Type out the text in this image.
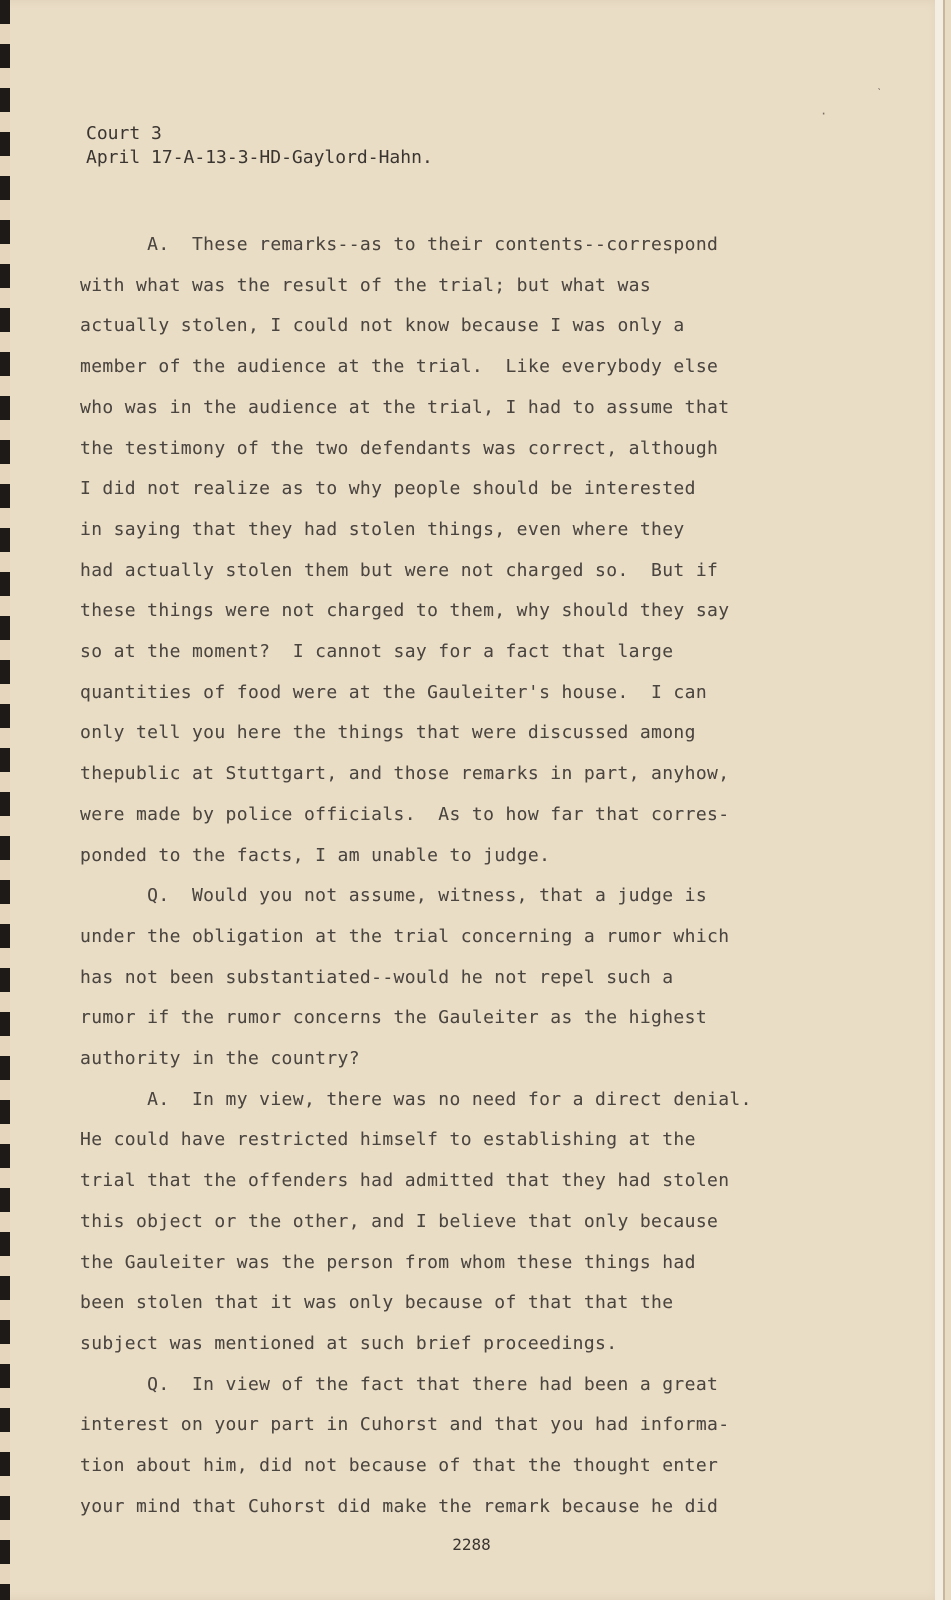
ˋ
·
Court 3
April 17-A-13-3-HD-Gaylord-Hahn.
A.  These remarks--as to their contents--correspond
with what was the result of the trial; but what was
actually stolen, I could not know because I was only a
member of the audience at the trial.  Like everybody else
who was in the audience at the trial, I had to assume that
the testimony of the two defendants was correct, although
I did not realize as to why people should be interested
in saying that they had stolen things, even where they
had actually stolen them but were not charged so.  But if
these things were not charged to them, why should they say
so at the moment?  I cannot say for a fact that large
quantities of food were at the Gauleiter's house.  I can
only tell you here the things that were discussed among
thepublic at Stuttgart, and those remarks in part, anyhow,
were made by police officials.  As to how far that corres-
ponded to the facts, I am unable to judge.
Q.  Would you not assume, witness, that a judge is
under the obligation at the trial concerning a rumor which
has not been substantiated--would he not repel such a
rumor if the rumor concerns the Gauleiter as the highest
authority in the country?
A.  In my view, there was no need for a direct denial.
He could have restricted himself to establishing at the
trial that the offenders had admitted that they had stolen
this object or the other, and I believe that only because
the Gauleiter was the person from whom these things had
been stolen that it was only because of that that the
subject was mentioned at such brief proceedings.
Q.  In view of the fact that there had been a great
interest on your part in Cuhorst and that you had informa-
tion about him, did not because of that the thought enter
your mind that Cuhorst did make the remark because he did
2288
